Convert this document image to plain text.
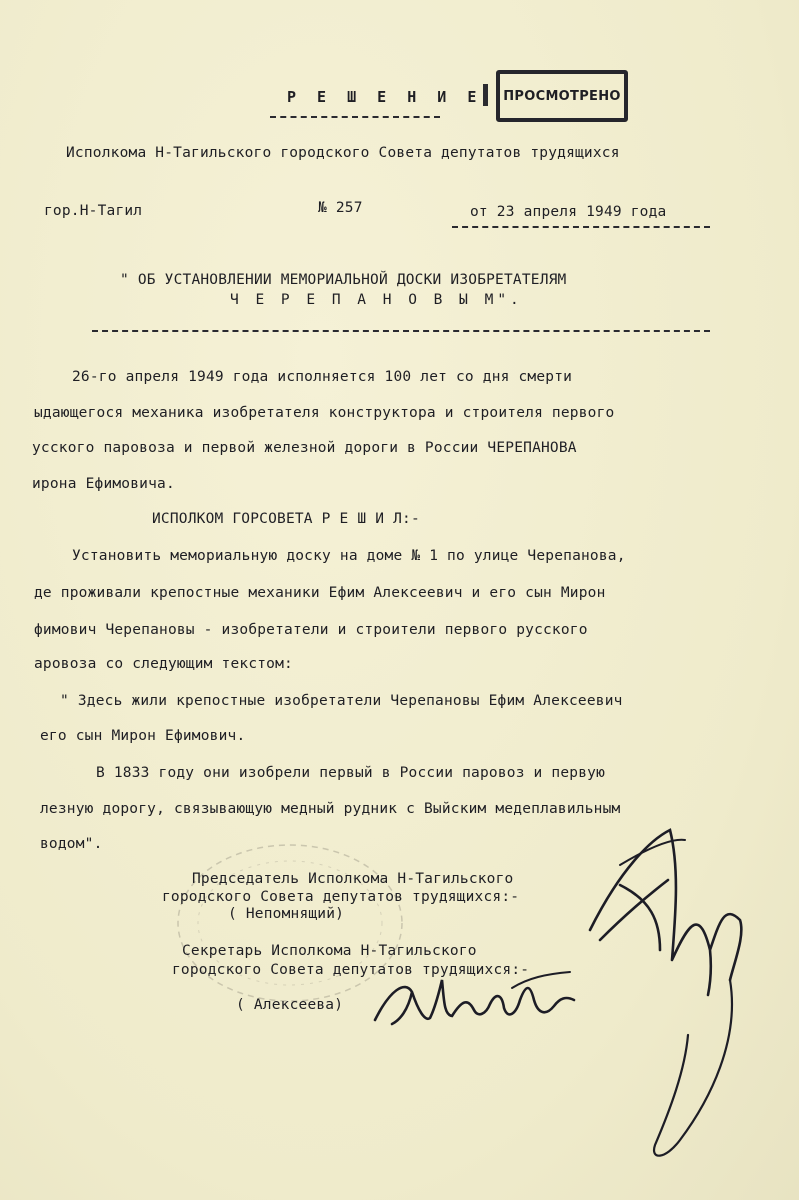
Р Е Ш Е Н И Е ПРОСМОТРЕНО
Исполкома Н-Тагильского городского Совета депутатов трудящихся
гор.Н-Тагил	№ 257	от 23 апреля 1949 года
" ОБ УСТАНОВЛЕНИИ МЕМОРИАЛЬНОЙ ДОСКИ ИЗОБРЕТАТЕЛЯМ
Ч Е Р Е П А Н О В Ы М".
26-го апреля 1949 года исполняется 100 лет со дня смерти
ыдающегося механика изобретателя конструктора и строителя первого
усского паровоза и первой железной дороги в России ЧЕРЕПАНОВА
ирона Ефимовича.
ИСПОЛКОМ ГОРСОВЕТА Р Е Ш И Л:-
Установить мемориальную доску на доме № 1 по улице Черепанова,
де проживали крепостные механики Ефим Алексеевич и его сын Мирон
фимович Черепановы - изобретатели и строители первого русского
аровоза со следующим текстом:
" Здесь жили крепостные изобретатели Черепановы Ефим Алексеевич
его сын Мирон Ефимович.
В 1833 году они изобрели первый в России паровоз и первую
лезную дорогу, связывающую медный рудник с Выйским медеплавильным
водом".
Председатель Исполкома Н-Тагильского
городского Совета депутатов трудящихся:-
( Непомнящий)
Секретарь Исполкома Н-Тагильского
городского Совета депутатов трудящихся:-
( Алексеева)
